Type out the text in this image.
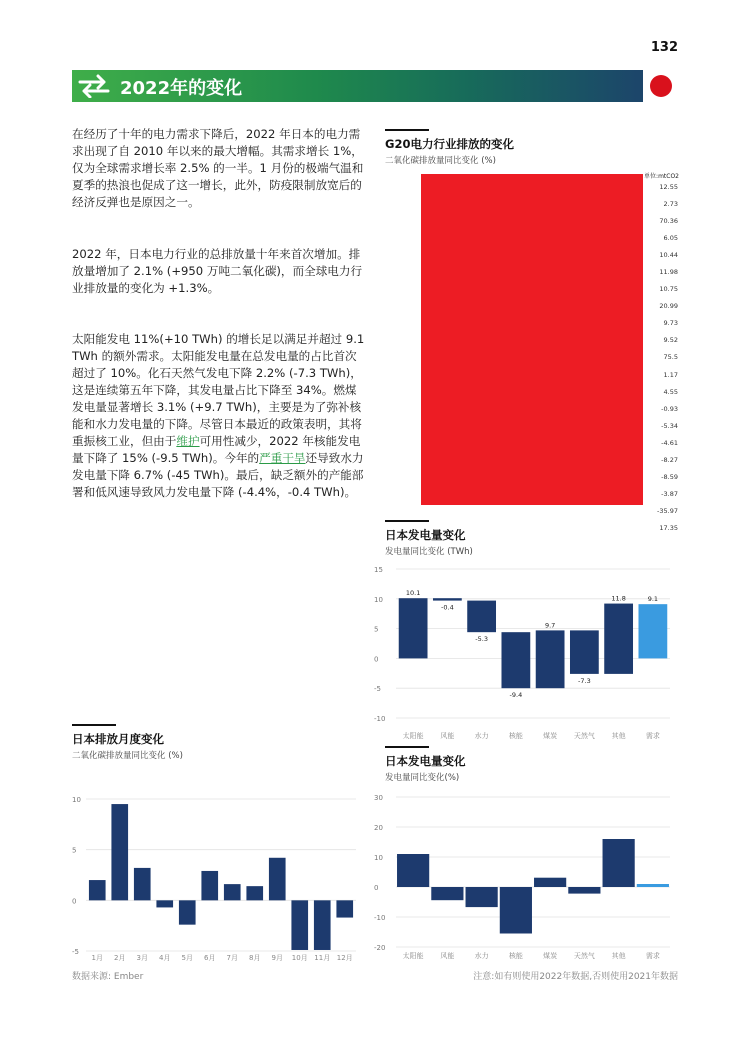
132
2022年的变化
在经历了十年的电力需求下降后，2022 年日本的电力需求出现了自 2010 年以来的最大增幅。其需求增长 1%，仅为全球需求增长率 2.5% 的一半。1 月份的极端气温和夏季的热浪也促成了这一增长，此外，防疫限制放宽后的经济反弹也是原因之一。
2022 年，日本电力行业的总排放量十年来首次增加。排放量增加了 2.1% (+950 万吨二氧化碳)，而全球电力行业排放量的变化为 +1.3%。
太阳能发电 11%(+10 TWh) 的增长足以满足并超过 9.1 TWh 的额外需求。太阳能发电量在总发电量的占比首次超过了 10%。化石天然气发电下降 2.2% (-7.3 TWh)，这是连续第五年下降，其发电量占比下降至 34%。燃煤发电量显著增长 3.1% (+9.7 TWh)，主要是为了弥补核能和水力发电量的下降。尽管日本最近的政策表明，其将重振核工业，但由于维护可用性减少，2022 年核能发电量下降了 15% (-9.5 TWh)。今年的严重干旱还导致水力发电量下降 6.7% (-45 TWh)。最后，缺乏额外的产能部署和低风速导致风力发电量下降 (-4.4%，-0.4 TWh)。
G20电力行业排放的变化
二氧化碳排放量同比变化 (%)
单位:mtCO2
12.55
2.73
70.36
6.05
10.44
11.98
10.75
20.99
9.73
9.52
75.5
1.17
4.55
-0.93
-5.34
-4.61
-8.27
-8.59
-3.87
-35.97
17.35
日本发电量变化
发电量同比变化 (TWh)
15
10
5
0
-5
-10
10.1
太阳能
-0.4
风能
-5.3
水力
-9.4
核能
9.7
煤炭
-7.3
天然气
11.8
其他
9.1
需求
日本发电量变化
发电量同比变化(%)
30
20
10
0
-10
-20
太阳能 风能	水力	核能	煤炭 天然气 其他	需求
日本排放月度变化
二氧化碳排放量同比变化 (%)
10
5
0
-5
1月 2月 3月 4月 5月 6月 7月 8月 9月 10月 11月 12月
数据来源: Ember	注意:如有则使用2022年数据,否则使用2021年数据
